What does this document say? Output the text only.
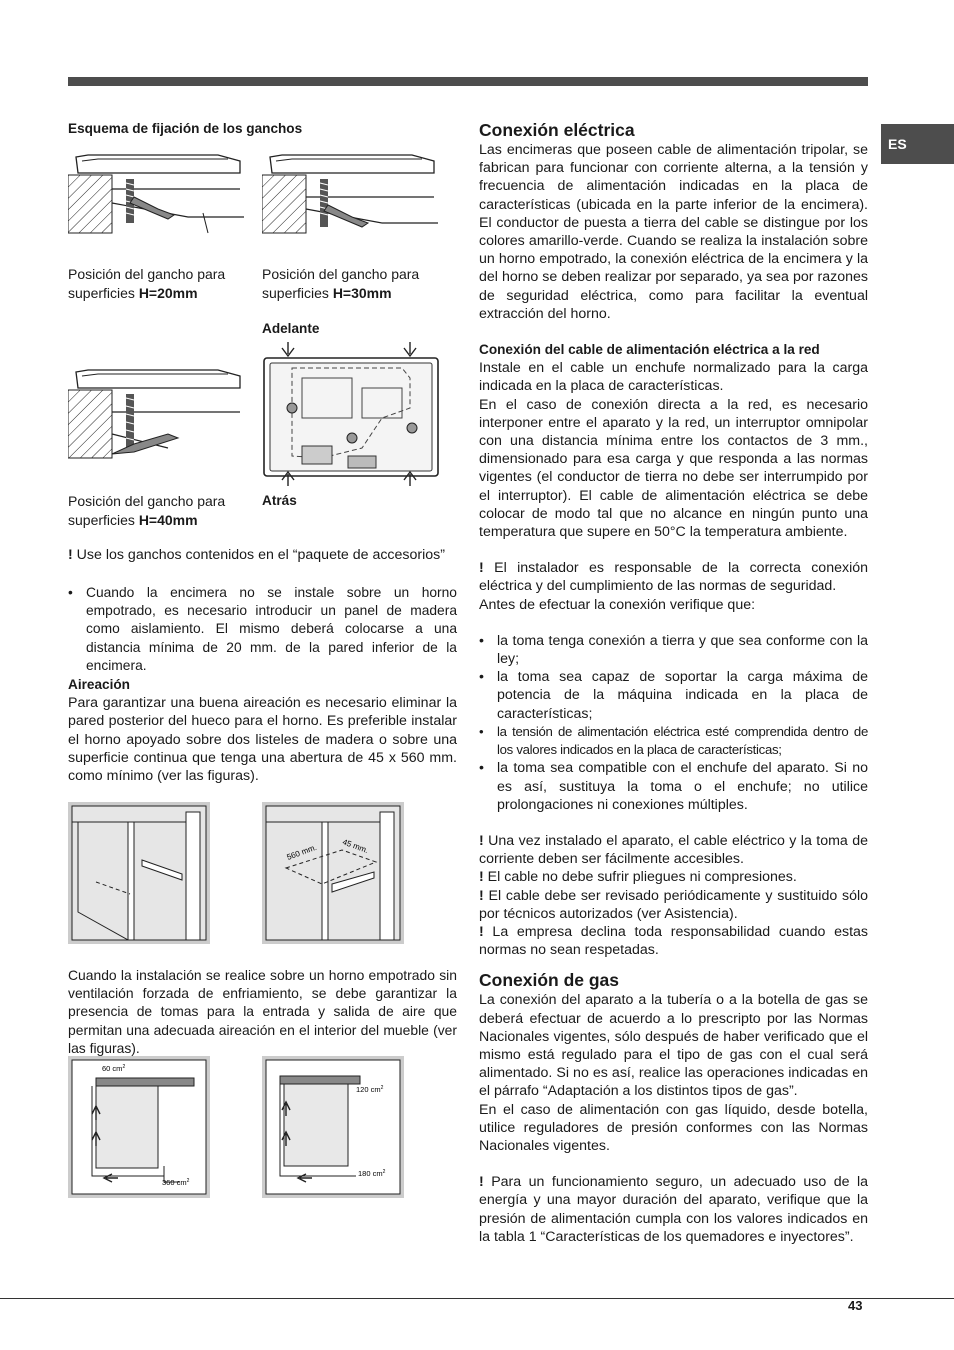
ES

Esquema de fijación de los ganchos

Posición del gancho para superficies H=20mm

Posición del gancho para superficies H=30mm

Adelante

Posición del gancho para superficies H=40mm

Atrás

! Use los ganchos contenidos en el “paquete de accesorios”

• Cuando la encimera no se instale sobre un horno empotrado, es necesario introducir un panel de madera como aislamiento. El mismo deberá colocarse a una distancia mínima de 20 mm. de la pared inferior de la encimera.

Aireación

Para garantizar una buena aireación es necesario eliminar la pared posterior del hueco para el horno. Es preferible instalar el horno apoyado sobre dos listeles de madera o sobre una superficie continua que tenga una abertura de 45 x 560 mm. como mínimo (ver las figuras).

560 mm.	45 mm.

Cuando la instalación se realice sobre un horno empotrado sin ventilación forzada de enfriamiento, se debe garantizar la presencia de tomas para la entrada y salida de aire que permitan una adecuada aireación en el interior del mueble (ver las figuras).

60 $cm^2$
360 $cm^2$
120 $cm^2$
180 $cm^2$
Conexión eléctrica

Las encimeras que poseen cable de alimentación tripolar, se fabrican para funcionar con corriente alterna, a la tensión y frecuencia de alimentación indicadas en la placa de características (ubicada en la parte inferior de la encimera). El conductor de puesta a tierra del cable se distingue por los colores amarillo-verde. Cuando se realiza la instalación sobre un horno empotrado, la conexión eléctrica de la encimera y la del horno se deben realizar por separado, ya sea por razones de seguridad eléctrica, como para facilitar la eventual extracción del horno.

Conexión del cable de alimentación eléctrica a la red

Instale en el cable un enchufe normalizado para la carga indicada en la placa de características.

En el caso de conexión directa a la red, es necesario interponer entre el aparato y la red, un interruptor omnipolar con una distancia mínima entre los contactos de 3 mm., dimensionado para esa carga y que responda a las normas vigentes (el conductor de tierra no debe ser interrumpido por el interruptor). El cable de alimentación eléctrica se debe colocar de modo tal que no alcance en ningún punto una temperatura que supere en 50°C la temperatura ambiente.

! El instalador es responsable de la correcta conexión eléctrica y del cumplimiento de las normas de seguridad.

Antes de efectuar la conexión verifique que:

• la toma tenga conexión a tierra y que sea conforme con la ley;
• la toma sea capaz de soportar la carga máxima de potencia de la máquina indicada en la placa de características;
• la tensión de alimentación eléctrica esté comprendida dentro de los valores indicados en la placa de características;
• la toma sea compatible con el enchufe del aparato. Si no es así, sustituya la toma o el enchufe; no utilice prolongaciones ni conexiones múltiples.

! Una vez instalado el aparato, el cable eléctrico y la toma de corriente deben ser fácilmente accesibles.

! El cable no debe sufrir pliegues ni compresiones.

! El cable debe ser revisado periódicamente y sustituido sólo por técnicos autorizados (ver Asistencia).

! La empresa declina toda responsabilidad cuando estas normas no sean respetadas.

Conexión de gas

La conexión del aparato a la tubería o a la botella de gas se deberá efectuar de acuerdo a lo prescripto por las Normas Nacionales vigentes, sólo después de haber verificado que el mismo está regulado para el tipo de gas con el cual será alimentado. Si no es así, realice las operaciones indicadas en el párrafo “Adaptación a los distintos tipos de gas”.

En el caso de alimentación con gas líquido, desde botella, utilice reguladores de presión conformes con las Normas Nacionales vigentes.

! Para un funcionamiento seguro, un adecuado uso de la energía y una mayor duración del aparato, verifique que la presión de alimentación cumpla con los valores indicados en la tabla 1 “Características de los quemadores e inyectores”.

43
